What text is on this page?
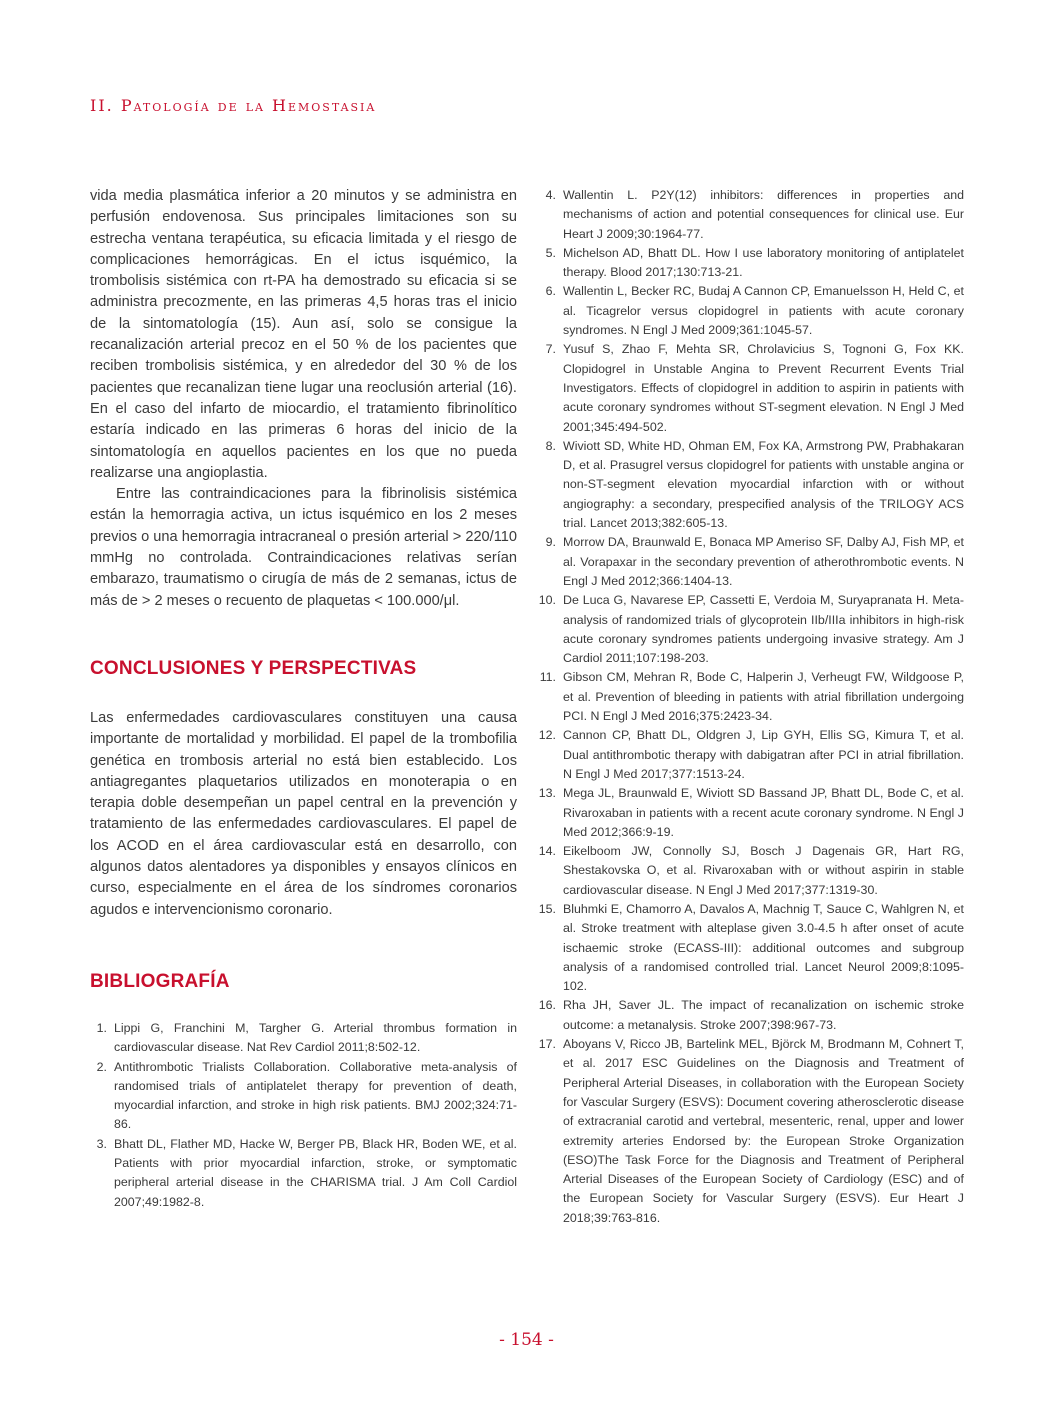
II. Patología de la Hemostasia

vida media plasmática inferior a 20 minutos y se administra en perfusión endovenosa. Sus principales limitaciones son su estrecha ventana terapéutica, su eficacia limitada y el riesgo de complicaciones hemorrágicas. En el ictus isquémico, la trombolisis sistémica con rt-PA ha demostrado su eficacia si se administra precozmente, en las primeras 4,5 horas tras el inicio de la sintomatología (15). Aun así, solo se consigue la recanalización arterial precoz en el 50 % de los pacientes que reciben trombolisis sistémica, y en alrededor del 30 % de los pacientes que recanalizan tiene lugar una reoclusión arterial (16). En el caso del infarto de miocardio, el tratamiento fibrinolítico estaría indicado en las primeras 6 horas del inicio de la sintomatología en aquellos pacientes en los que no pueda realizarse una angioplastia.

Entre las contraindicaciones para la fibrinolisis sistémica están la hemorragia activa, un ictus isquémico en los 2 meses previos o una hemorragia intracraneal o presión arterial > 220/110 mmHg no controlada. Contraindicaciones relativas serían embarazo, traumatismo o cirugía de más de 2 semanas, ictus de más de > 2 meses o recuento de plaquetas < 100.000/μl.

CONCLUSIONES Y PERSPECTIVAS

Las enfermedades cardiovasculares constituyen una causa importante de mortalidad y morbilidad. El papel de la trombofilia genética en trombosis arterial no está bien establecido. Los antiagregantes plaquetarios utilizados en monoterapia o en terapia doble desempeñan un papel central en la prevención y tratamiento de las enfermedades cardiovasculares. El papel de los ACOD en el área cardiovascular está en desarrollo, con algunos datos alentadores ya disponibles y ensayos clínicos en curso, especialmente en el área de los síndromes coronarios agudos e intervencionismo coronario.

BIBLIOGRAFÍA
1. Lippi G, Franchini M, Targher G. Arterial thrombus formation in cardiovascular disease. Nat Rev Cardiol 2011;8:502-12.
2. Antithrombotic Trialists Collaboration. Collaborative meta-analysis of randomised trials of antiplatelet therapy for prevention of death, myocardial infarction, and stroke in high risk patients. BMJ 2002;324:71-86.
3. Bhatt DL, Flather MD, Hacke W, Berger PB, Black HR, Boden WE, et al. Patients with prior myocardial infarction, stroke, or symptomatic peripheral arterial disease in the CHARISMA trial. J Am Coll Cardiol 2007;49:1982-8.
4. Wallentin L. P2Y(12) inhibitors: differences in properties and mechanisms of action and potential consequences for clinical use. Eur Heart J 2009;30:1964-77.
5. Michelson AD, Bhatt DL. How I use laboratory monitoring of antiplatelet therapy. Blood 2017;130:713-21.
6. Wallentin L, Becker RC, Budaj A Cannon CP, Emanuelsson H, Held C, et al. Ticagrelor versus clopidogrel in patients with acute coronary syndromes. N Engl J Med 2009;361:1045-57.
7. Yusuf S, Zhao F, Mehta SR, Chrolavicius S, Tognoni G, Fox KK. Clopidogrel in Unstable Angina to Prevent Recurrent Events Trial Investigators. Effects of clopidogrel in addition to aspirin in patients with acute coronary syndromes without ST-segment elevation. N Engl J Med 2001;345:494-502.
8. Wiviott SD, White HD, Ohman EM, Fox KA, Armstrong PW, Prabhakaran D, et al. Prasugrel versus clopidogrel for patients with unstable angina or non-ST-segment elevation myocardial infarction with or without angiography: a secondary, prespecified analysis of the TRILOGY ACS trial. Lancet 2013;382:605-13.
9. Morrow DA, Braunwald E, Bonaca MP Ameriso SF, Dalby AJ, Fish MP, et al. Vorapaxar in the secondary prevention of atherothrombotic events. N Engl J Med 2012;366:1404-13.
10. De Luca G, Navarese EP, Cassetti E, Verdoia M, Suryapranata H. Meta-analysis of randomized trials of glycoprotein IIb/IIIa inhibitors in high-risk acute coronary syndromes patients undergoing invasive strategy. Am J Cardiol 2011;107:198-203.
11. Gibson CM, Mehran R, Bode C, Halperin J, Verheugt FW, Wildgoose P, et al. Prevention of bleeding in patients with atrial fibrillation undergoing PCI. N Engl J Med 2016;375:2423-34.
12. Cannon CP, Bhatt DL, Oldgren J, Lip GYH, Ellis SG, Kimura T, et al. Dual antithrombotic therapy with dabigatran after PCI in atrial fibrillation. N Engl J Med 2017;377:1513-24.
13. Mega JL, Braunwald E, Wiviott SD Bassand JP, Bhatt DL, Bode C, et al. Rivaroxaban in patients with a recent acute coronary syndrome. N Engl J Med 2012;366:9-19.
14. Eikelboom JW, Connolly SJ, Bosch J Dagenais GR, Hart RG, Shestakovska O, et al. Rivaroxaban with or without aspirin in stable cardiovascular disease. N Engl J Med 2017;377:1319-30.
15. Bluhmki E, Chamorro A, Davalos A, Machnig T, Sauce C, Wahlgren N, et al. Stroke treatment with alteplase given 3.0-4.5 h after onset of acute ischaemic stroke (ECASS-III): additional outcomes and subgroup analysis of a randomised controlled trial. Lancet Neurol 2009;8:1095-102.
16. Rha JH, Saver JL. The impact of recanalization on ischemic stroke outcome: a metanalysis. Stroke 2007;398:967-73.
17. Aboyans V, Ricco JB, Bartelink MEL, Björck M, Brodmann M, Cohnert T, et al. 2017 ESC Guidelines on the Diagnosis and Treatment of Peripheral Arterial Diseases, in collaboration with the European Society for Vascular Surgery (ESVS): Document covering atherosclerotic disease of extracranial carotid and vertebral, mesenteric, renal, upper and lower extremity arteries Endorsed by: the European Stroke Organization (ESO)The Task Force for the Diagnosis and Treatment of Peripheral Arterial Diseases of the European Society of Cardiology (ESC) and of the European Society for Vascular Surgery (ESVS). Eur Heart J 2018;39:763-816.
- 154 -
